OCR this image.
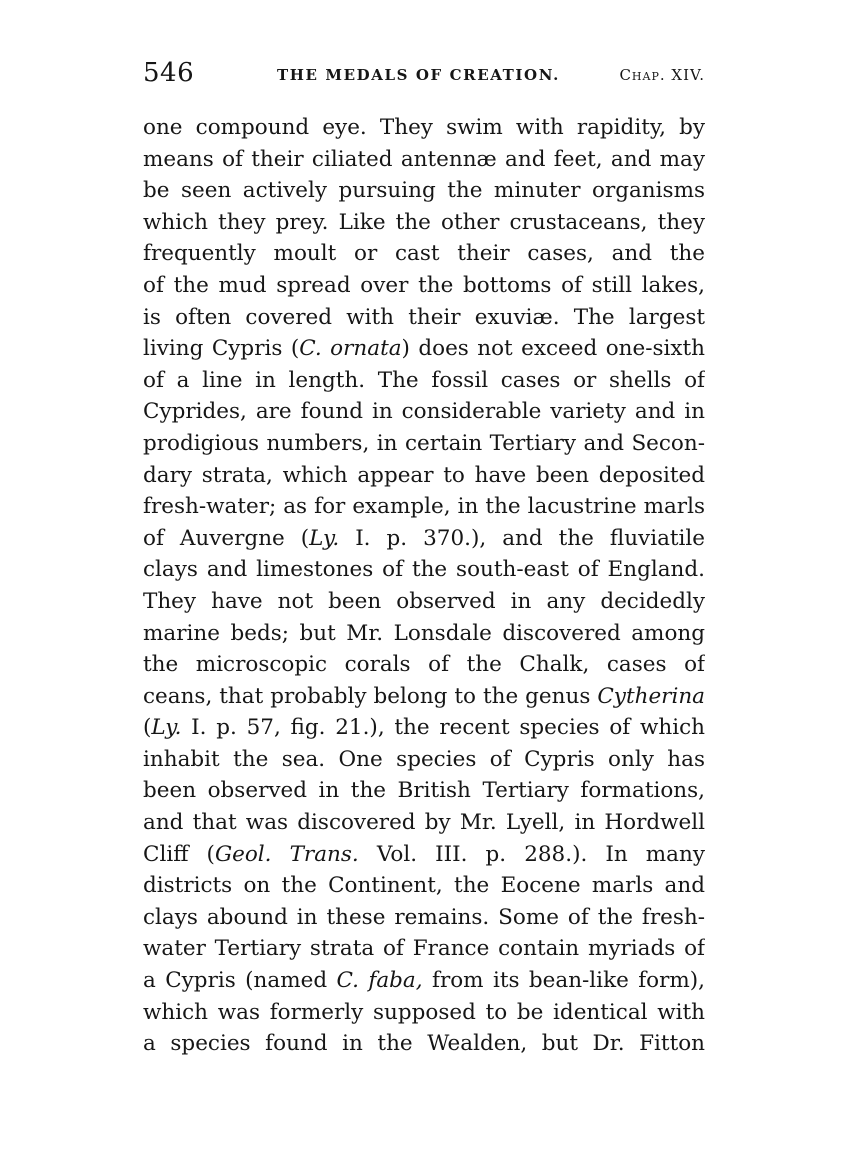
546	THE MEDALS OF CREATION.	Chap. XIV.
one compound eye. They swim with rapidity, by
means of their ciliated antennæ and feet, and may
be seen actively pursuing the minuter organisms
which they prey. Like the other crustaceans, they
frequently moult or cast their cases, and the
of the mud spread over the bottoms of still lakes,
is often covered with their exuviæ. The largest
living Cypris (C. ornata) does not exceed one-sixth
of a line in length. The fossil cases or shells of
Cyprides, are found in considerable variety and in
prodigious numbers, in certain Tertiary and Secon-
dary strata, which appear to have been deposited
fresh-water; as for example, in the lacustrine marls
of Auvergne (Ly. I. p. 370.), and the fluviatile
clays and limestones of the south-east of England.
They have not been observed in any decidedly
marine beds; but Mr. Lonsdale discovered among
the microscopic corals of the Chalk, cases of
ceans, that probably belong to the genus Cytherina
(Ly. I. p. 57, fig. 21.), the recent species of which
inhabit the sea. One species of Cypris only has
been observed in the British Tertiary formations,
and that was discovered by Mr. Lyell, in Hordwell
Cliff (Geol. Trans. Vol. III. p. 288.). In many
districts on the Continent, the Eocene marls and
clays abound in these remains. Some of the fresh-
water Tertiary strata of France contain myriads of
a Cypris (named C. faba, from its bean-like form),
which was formerly supposed to be identical with
a species found in the Wealden, but Dr. Fitton
